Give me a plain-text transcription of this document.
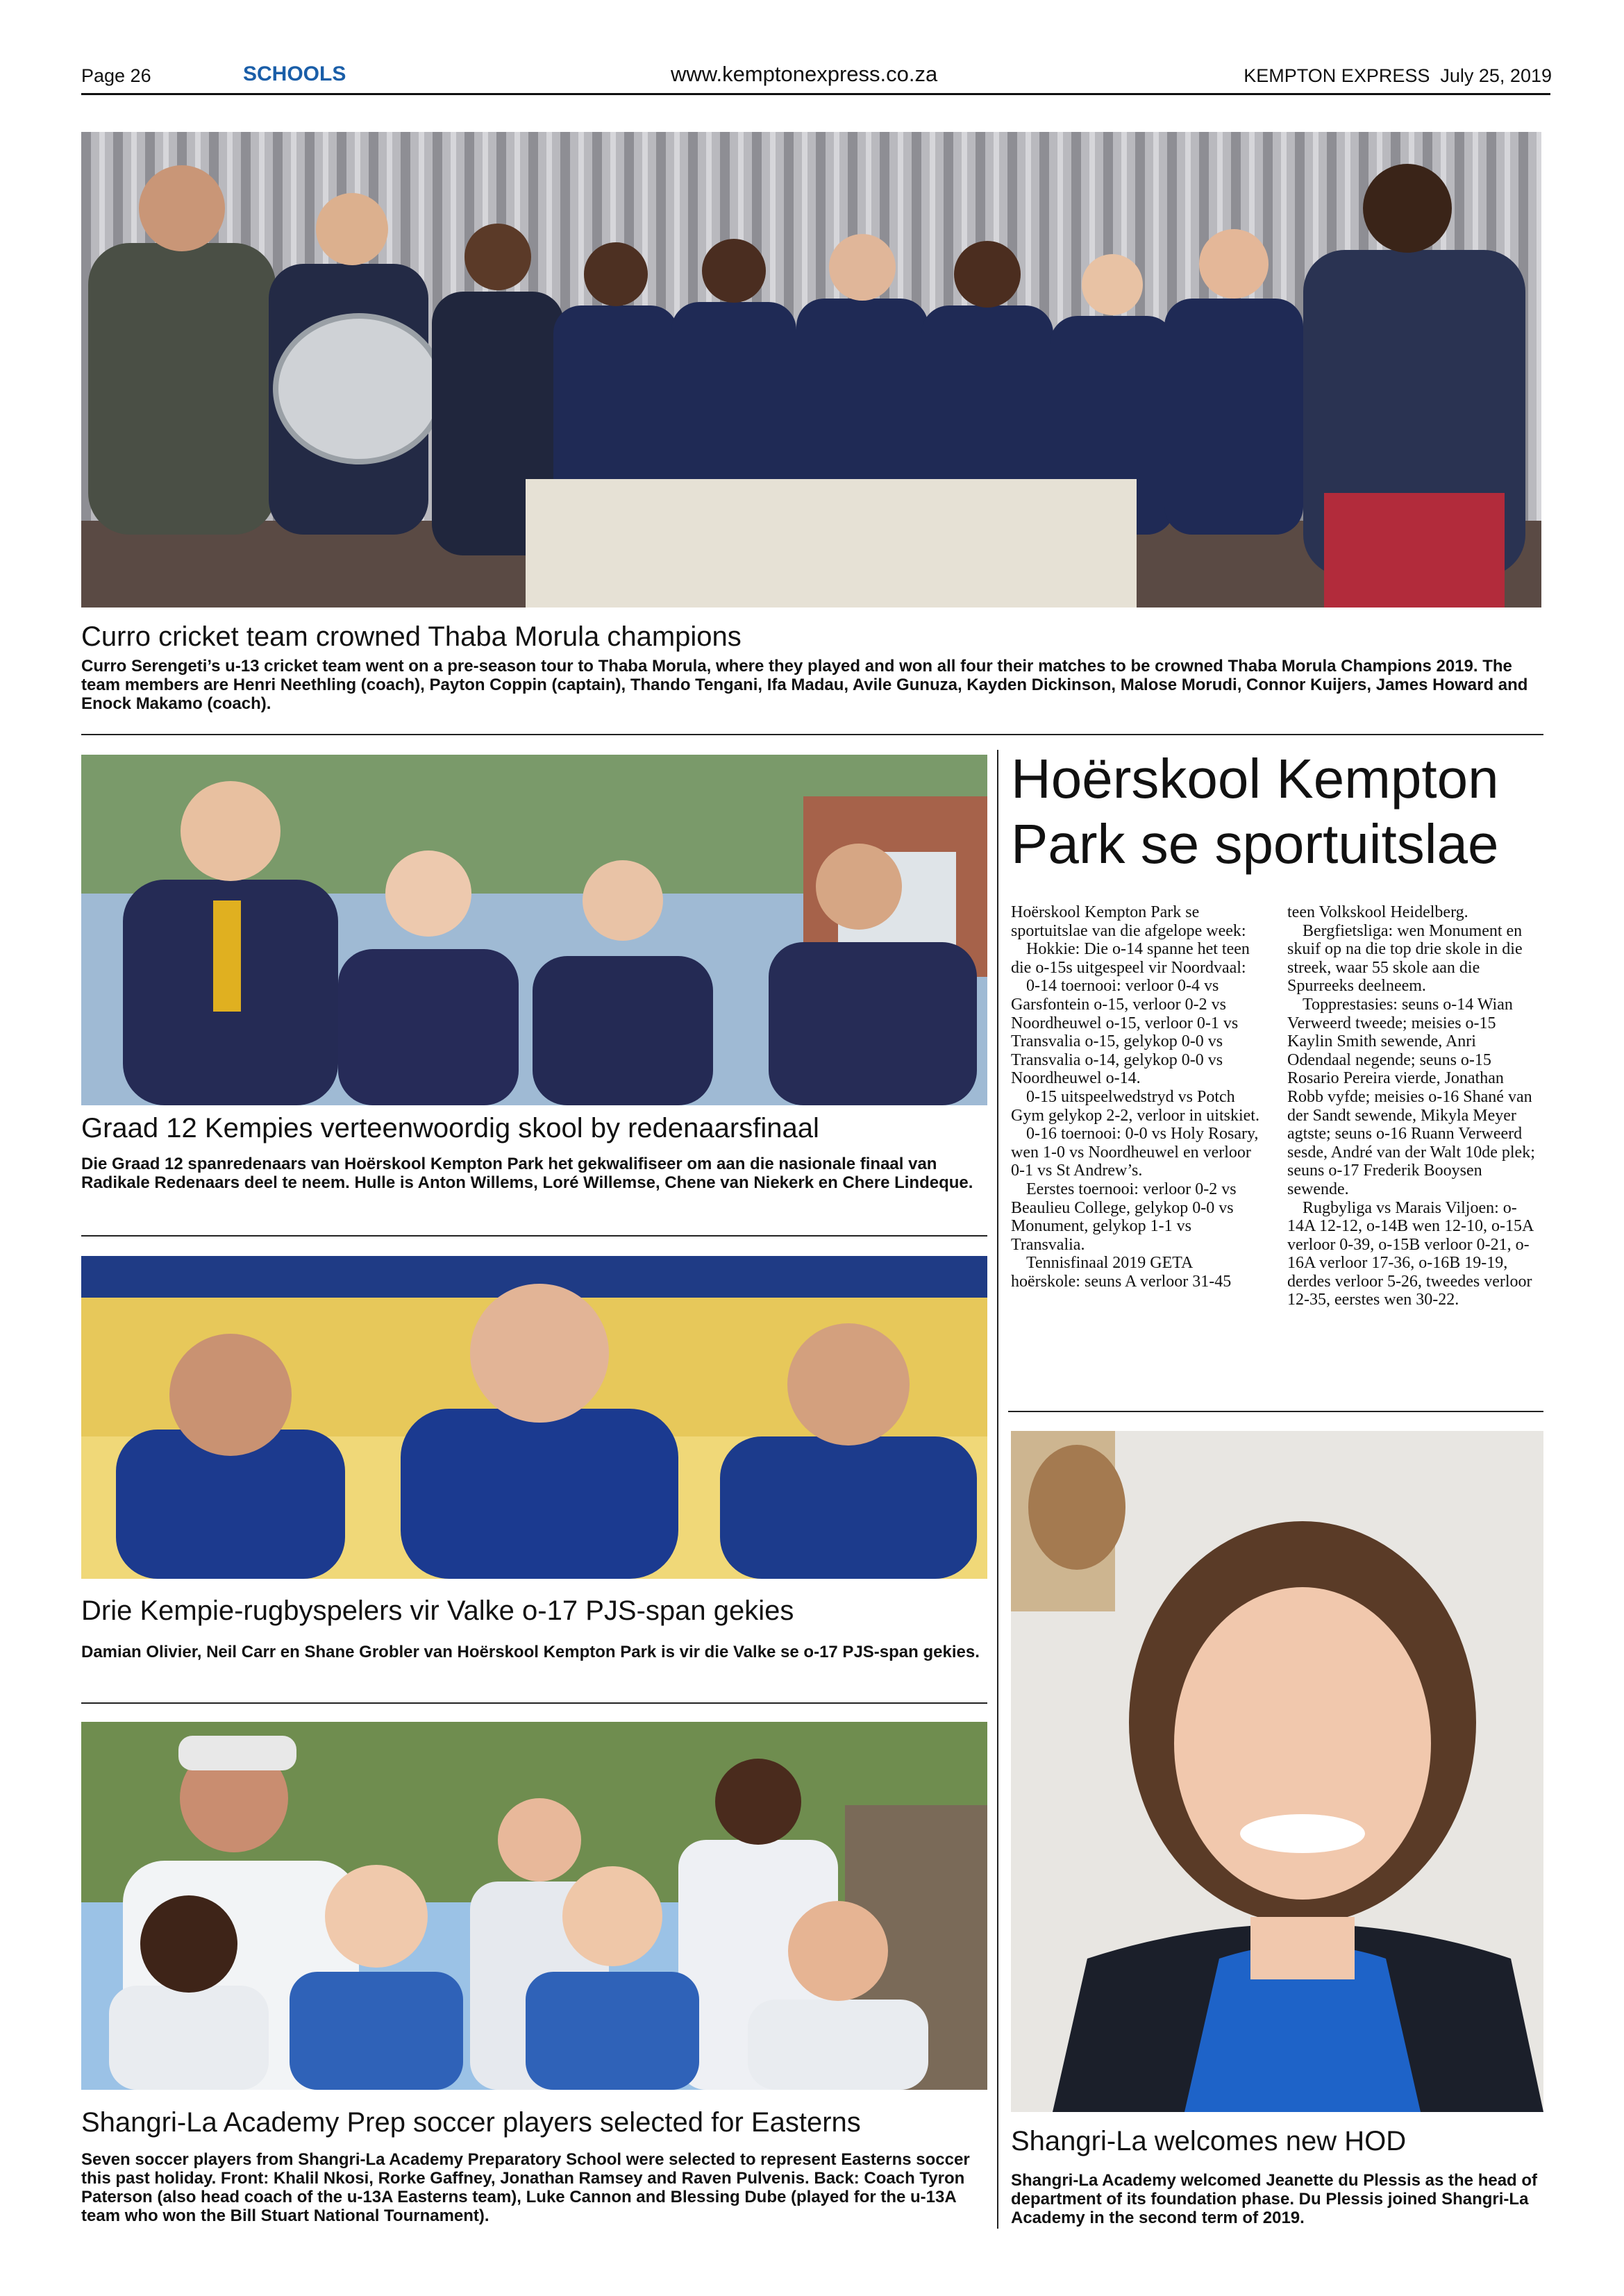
Page 26	SCHOOLS	www.kemptonexpress.co.za	KEMPTON EXPRESS July 25, 2019
Curro cricket team crowned Thaba Morula champions
Curro Serengeti’s u-13 cricket team went on a pre-season tour to Thaba Morula, where they played and won all four their matches to be crowned Thaba Morula Champions 2019. The team members are Henri Neethling (coach), Payton Coppin (captain), Thando Tengani, Ifa Madau, Avile Gunuza, Kayden Dickinson, Malose Morudi, Connor Kuijers, James Howard and Enock Makamo (coach).
Graad 12 Kempies verteenwoordig skool by redenaarsfinaal
Die Graad 12 spanredenaars van Hoërskool Kempton Park het gekwalifiseer om aan die nasionale finaal van Radikale Redenaars deel te neem. Hulle is Anton Willems, Loré Willemse, Chene van Niekerk en Chere Lindeque.
Drie Kempie-rugbyspelers vir Valke o-17 PJS-span gekies
Damian Olivier, Neil Carr en Shane Grobler van Hoërskool Kempton Park is vir die Valke se o-17 PJS-span gekies.
Shangri-La Academy Prep soccer players selected for Easterns
Seven soccer players from Shangri-La Academy Preparatory School were selected to represent Easterns soccer this past holiday. Front: Khalil Nkosi, Rorke Gaffney, Jonathan Ramsey and Raven Pulvenis. Back: Coach Tyron Paterson (also head coach of the u-13A Easterns team), Luke Cannon and Blessing Dube (played for the u-13A team who won the Bill Stuart National Tournament).
Hoërskool Kempton
Park se sportuitslae

Hoërskool Kempton Park se sportuitslae van die afgelope week:

Hokkie: Die o-14 spanne het teen die o-15s uitgespeel vir Noordvaal:

0-14 toernooi: verloor 0-4 vs Garsfontein o-15, verloor 0-2 vs Noordheuwel o-15, verloor 0-1 vs Transvalia o-15, gelykop 0-0 vs Transvalia o-14, gelykop 0-0 vs Noordheuwel o-14.

0-15 uitspeelwedstryd vs Potch Gym gelykop 2-2, verloor in uitskiet.

0-16 toernooi: 0-0 vs Holy Rosary, wen 1-0 vs Noordheuwel en verloor 0-1 vs St Andrew’s.

Eerstes toernooi: verloor 0-2 vs Beaulieu College, gelykop 0-0 vs Monument, gelykop 1-1 vs Transvalia.

Tennisfinaal 2019 GETA hoërskole: seuns A verloor 31-45

teen Volkskool Heidelberg.

Bergfietsliga: wen Monument en skuif op na die top drie skole in die streek, waar 55 skole aan die Spurreeks deelneem.

Topprestasies: seuns o-14 Wian Verweerd tweede; meisies o-15 Kaylin Smith sewende, Anri Odendaal negende; seuns o-15 Rosario Pereira vierde, Jonathan Robb vyfde; meisies o-16 Shané van der Sandt sewende, Mikyla Meyer agtste; seuns o-16 Ruann Verweerd sesde, André van der Walt 10de plek; seuns o-17 Frederik Booysen sewende.

Rugbyliga vs Marais Viljoen: o-14A 12-12, o-14B wen 12-10, o-15A verloor 0-39, o-15B verloor 0-21, o-16A verloor 17-36, o-16B 19-19, derdes verloor 5-26, tweedes verloor 12-35, eerstes wen 30-22.

Shangri-La welcomes new HOD
Shangri-La Academy welcomed Jeanette du Plessis as the head of department of its foundation phase. Du Plessis joined Shangri-La Academy in the second term of 2019.
